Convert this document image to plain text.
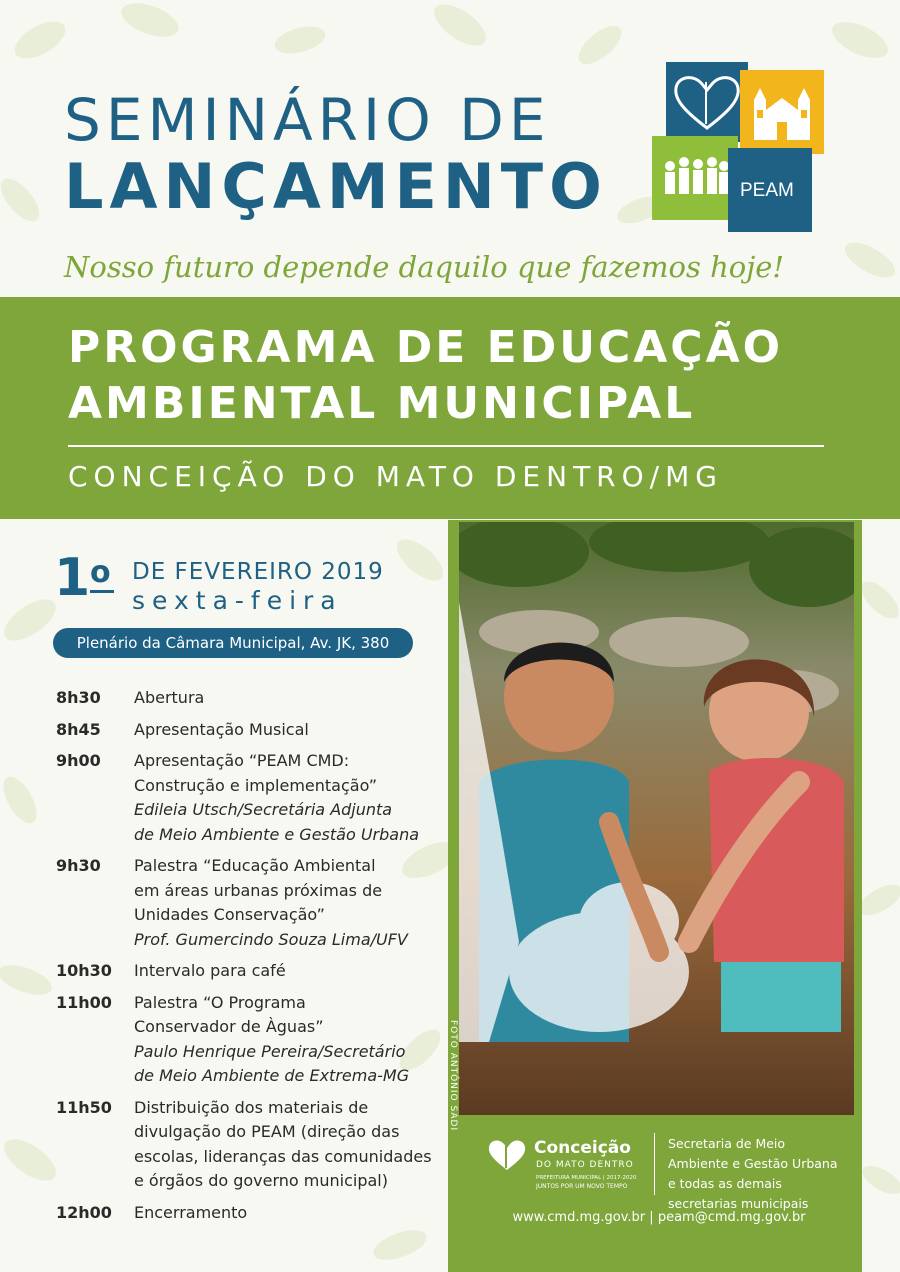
SEMINÁRIO DE
LANÇAMENTO
Nosso futuro depende daquilo que fazemos hoje!
PEAM
PROGRAMA DE EDUCAÇÃO
AMBIENTAL MUNICIPAL
CONCEIÇÃO DO MATO DENTRO/MG
FOTO ANTÔNIO SADI
Conceição
DO MATO DENTRO
PREFEITURA MUNICIPAL | 2017-2020
JUNTOS POR UM NOVO TEMPO
Secretaria de Meio Ambiente e Gestão Urbana e todas as demais secretarias municipais
www.cmd.mg.gov.br | peam@cmd.mg.gov.br
1 o DE FEVEREIRO 2019
sexta-feira
Plenário da Câmara Municipal, Av. JK, 380
8h30	Abertura
8h45	Apresentação Musical
9h00	Apresentação “PEAM CMD:
Construção e implementação”
Edileia Utsch/Secretária Adjunta
de Meio Ambiente e Gestão Urbana
9h30	Palestra “Educação Ambiental
em áreas urbanas próximas de
Unidades Conservação”
Prof. Gumercindo Souza Lima/UFV
10h30	Intervalo para café
11h00	Palestra “O Programa
Conservador de Àguas”
Paulo Henrique Pereira/Secretário
de Meio Ambiente de Extrema-MG
11h50	Distribuição dos materiais de
divulgação do PEAM (direção das
escolas, lideranças das comunidades
e órgãos do governo municipal)
12h00	Encerramento
